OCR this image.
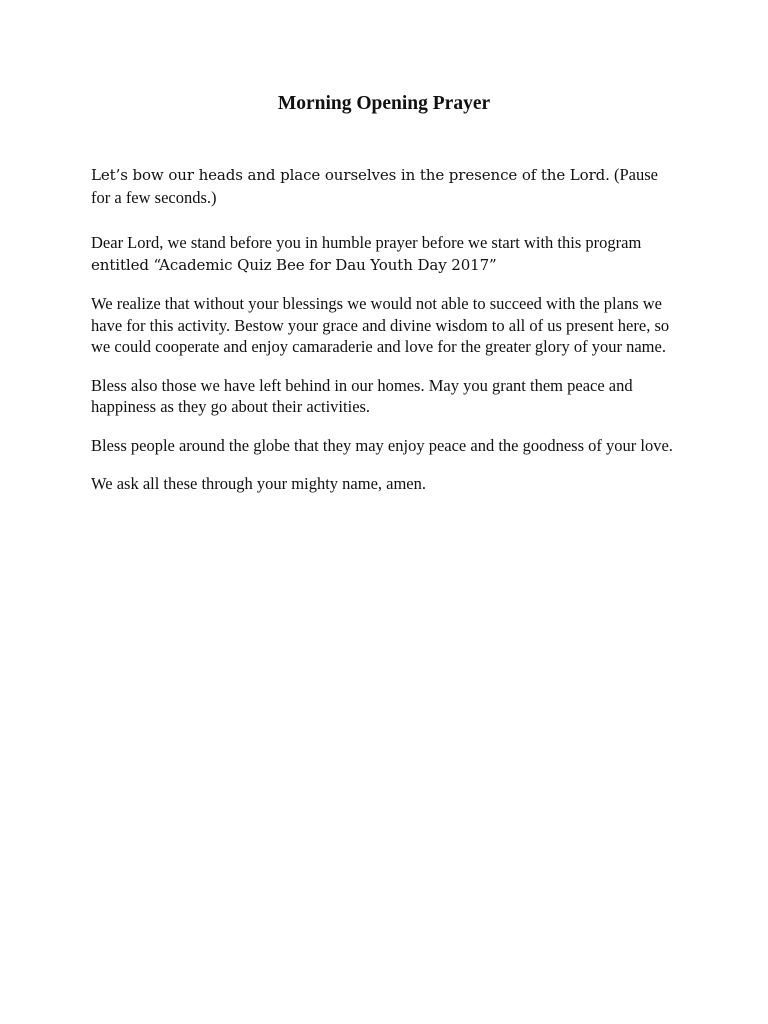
Morning Opening Prayer

Let’s bow our heads and place ourselves in the presence of the Lord. (Pause for a few seconds.)

Dear Lord, we stand before you in humble prayer before we start with this program entitled “Academic Quiz Bee for Dau Youth Day 2017”

We realize that without your blessings we would not able to succeed with the plans we have for this activity. Bestow your grace and divine wisdom to all of us present here, so we could cooperate and enjoy camaraderie and love for the greater glory of your name.

Bless also those we have left behind in our homes. May you grant them peace and happiness as they go about their activities.

Bless people around the globe that they may enjoy peace and the goodness of your love.

We ask all these through your mighty name, amen.
